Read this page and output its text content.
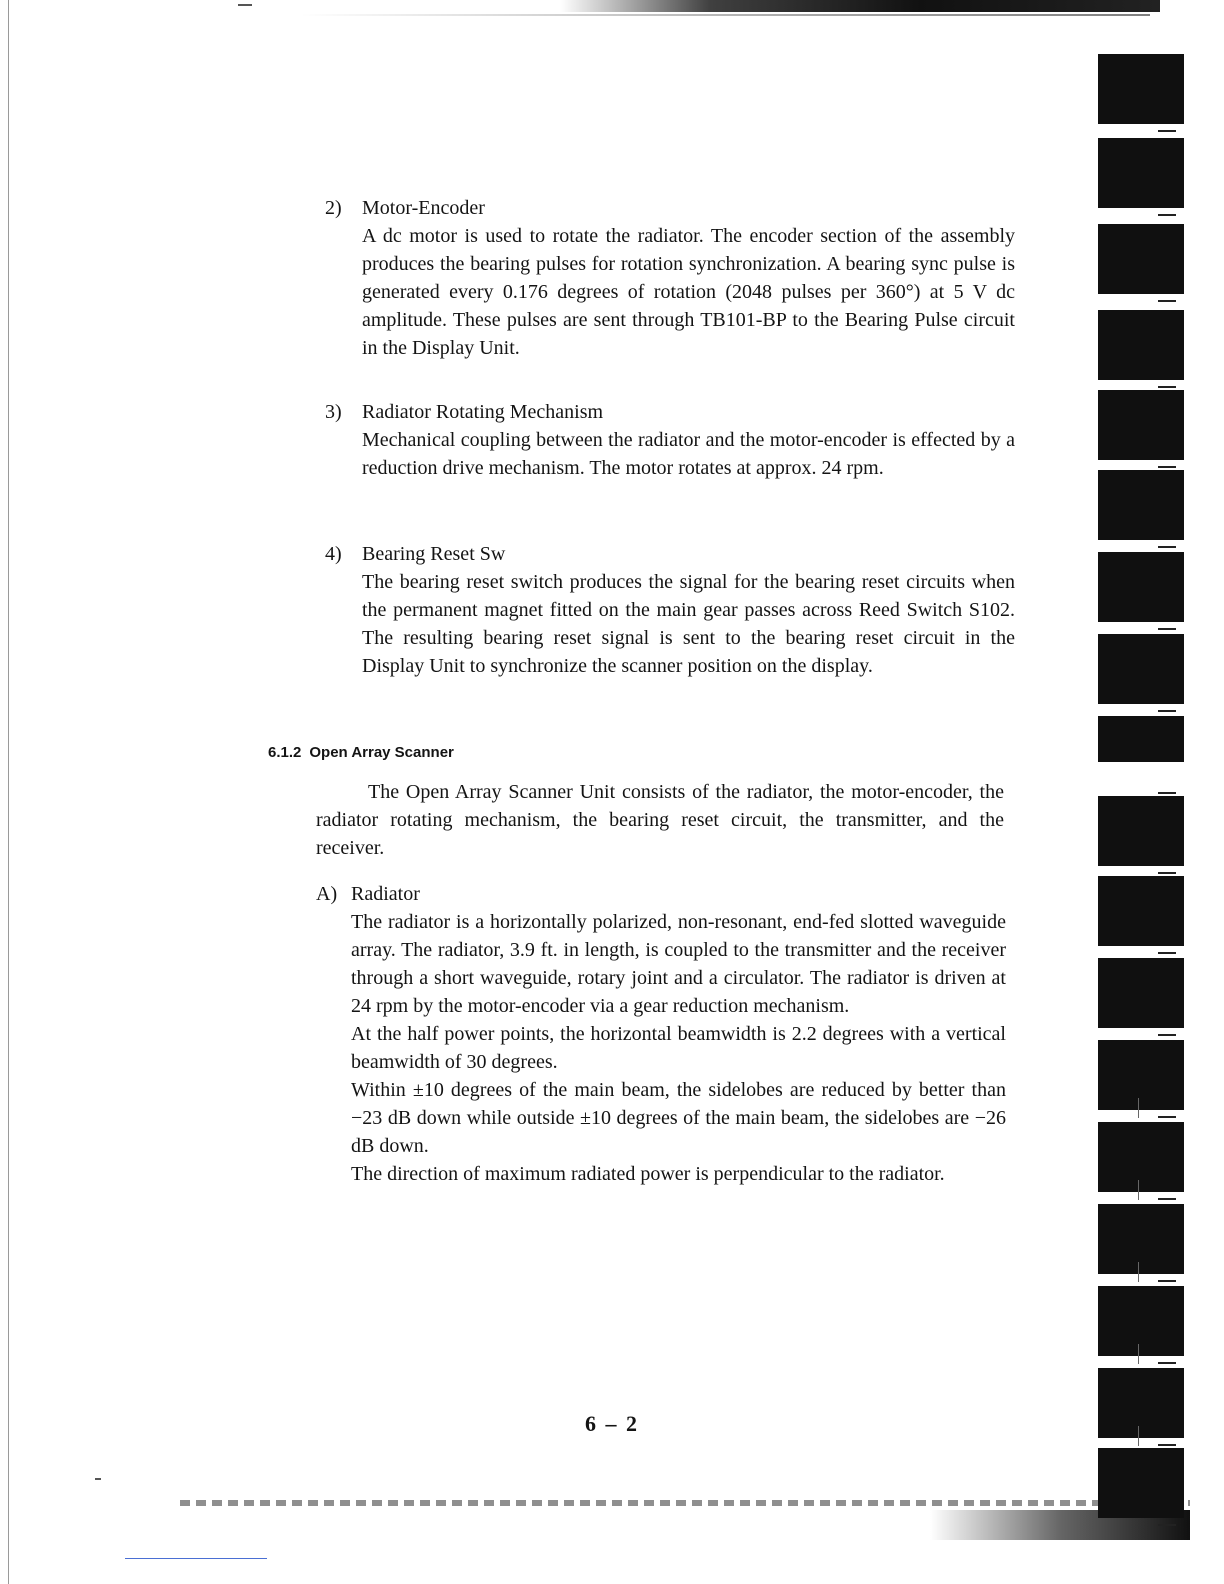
2)	Motor-Encoder

A dc motor is used to rotate the radiator. The encoder section of the assembly produces the bearing pulses for rotation synchronization. A bearing sync pulse is generated every 0.176 degrees of rotation (2048 pulses per 360°) at 5 V dc amplitude. These pulses are sent through TB101-BP to the Bearing Pulse circuit in the Display Unit.

3)	Radiator Rotating Mechanism

Mechanical coupling between the radiator and the motor-encoder is effected by a reduction drive mechanism. The motor rotates at approx. 24 rpm.

4)	Bearing Reset Sw

The bearing reset switch produces the signal for the bearing reset circuits when the permanent magnet fitted on the main gear passes across Reed Switch S102. The resulting bearing reset signal is sent to the bearing reset circuit in the Display Unit to synchronize the scanner position on the display.

6.1.2 Open Array Scanner

The Open Array Scanner Unit consists of the radiator, the motor-encoder, the radiator rotating mechanism, the bearing reset circuit, the transmitter, and the receiver.

A) Radiator

The radiator is a horizontally polarized, non-resonant, end-fed slotted waveguide array. The radiator, 3.9 ft. in length, is coupled to the transmitter and the receiver through a short waveguide, rotary joint and a circulator. The radiator is driven at 24 rpm by the motor-encoder via a gear reduction mechanism.

At the half power points, the horizontal beamwidth is 2.2 degrees with a vertical beamwidth of 30 degrees.

Within ±10 degrees of the main beam, the sidelobes are reduced by better than −23 dB down while outside ±10 degrees of the main beam, the sidelobes are −26 dB down.

The direction of maximum radiated power is perpendicular to the radiator.

6 – 2
